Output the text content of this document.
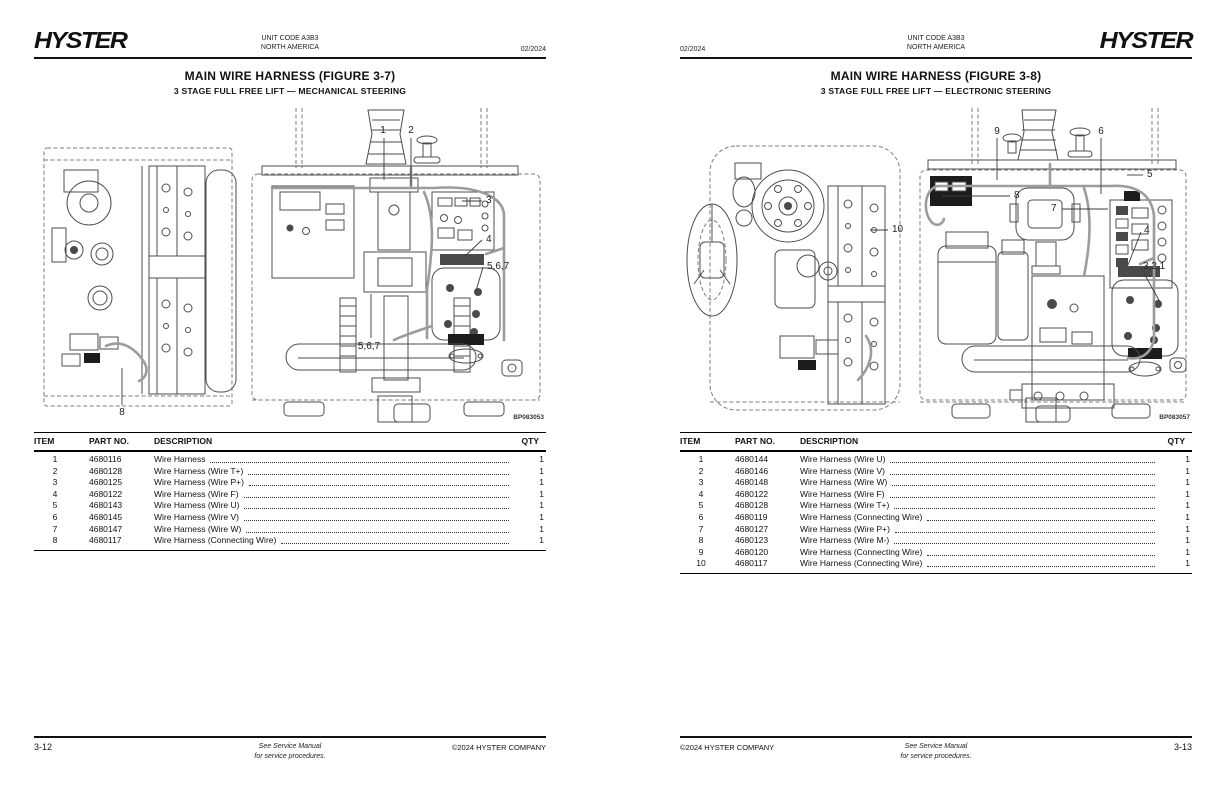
HYSTER	UNIT CODE A3B3
NORTH AMERICA	02/2024
MAIN WIRE HARNESS (FIGURE 3-7)
3 STAGE FULL FREE LIFT — MECHANICAL STEERING
1 2
3
4
5,6,7
5,6,7
8	BP083053
ITEM	PART NO.	DESCRIPTION	QTY
1	4680116	Wire Harness	1
2	4680128	Wire Harness (Wire T+)	1
3	4680125	Wire Harness (Wire P+)	1
4	4680122	Wire Harness (Wire F)	1
5	4680143	Wire Harness (Wire U)	1
6	4680145	Wire Harness (Wire V)	1
7	4680147	Wire Harness (Wire W)	1
8	4680117	Wire Harness (Connecting Wire)	1
3-12	See Service Manual
for service procedures.
©2024 HYSTER COMPANY
02/2024
UNIT CODE A3B3
NORTH AMERICA	HYSTER
MAIN WIRE HARNESS (FIGURE 3-8)
3 STAGE FULL FREE LIFT — ELECTRONIC STEERING
9	6
5
8
7
10	4
3,2,1
BP083057
ITEM	PART NO.	DESCRIPTION	QTY
1	4680144	Wire Harness (Wire U)	1
2	4680146	Wire Harness (Wire V)	1
3	4680148	Wire Harness (Wire W)	1
4	4680122	Wire Harness (Wire F)	1
5	4680128	Wire Harness (Wire T+)	1
6	4680119	Wire Harness (Connecting Wire)	1
7	4680127	Wire Harness (Wire P+)	1
8	4680123	Wire Harness (Wire M-)	1
9	4680120	Wire Harness (Connecting Wire)	1
10	4680117	Wire Harness (Connecting Wire)	1
©2024 HYSTER COMPANY	See Service Manual
for service procedures.
3-13
